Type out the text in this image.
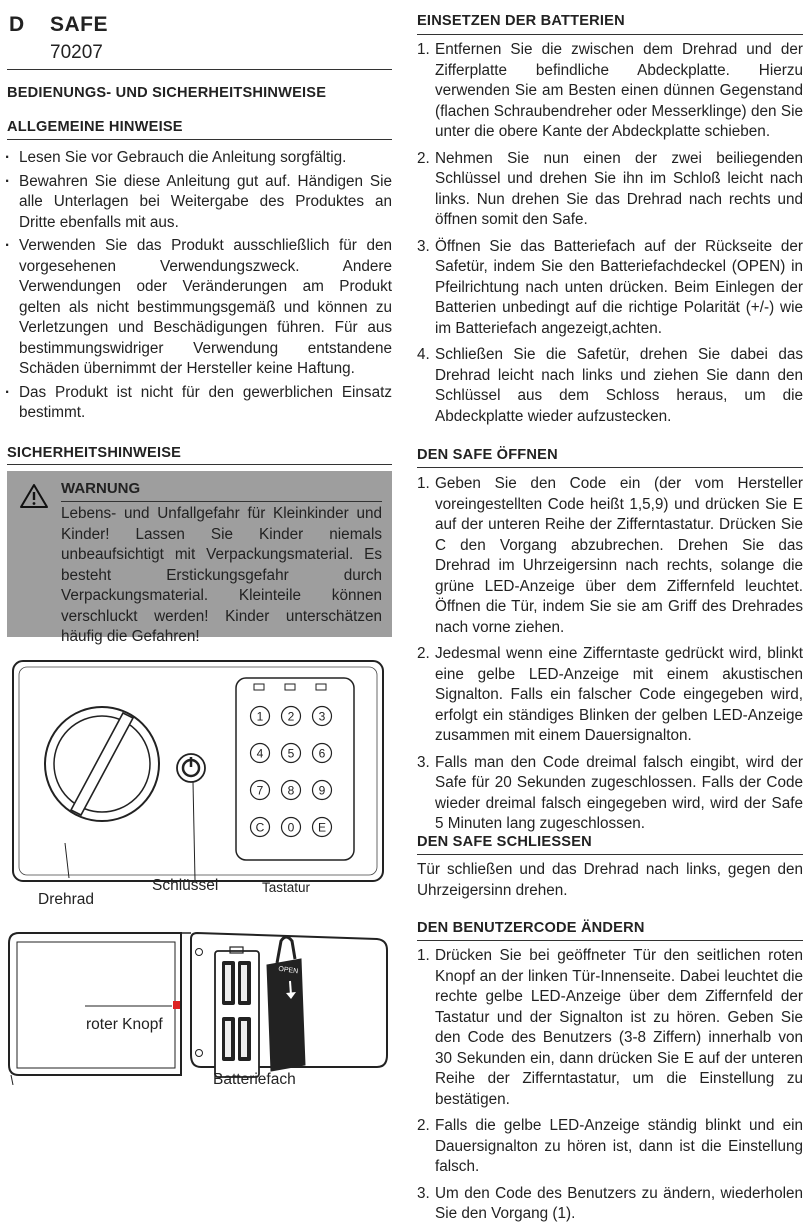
D SAFE
70207
BEDIENUNGS- UND SICHERHEITSHINWEISE
ALLGEMEINE HINWEISE
· Lesen Sie vor Gebrauch die Anleitung sorgfältig.
· Bewahren Sie diese Anleitung gut auf. Händigen Sie alle Unterlagen bei Weitergabe des Produktes an Dritte ebenfalls mit aus.
· Verwenden Sie das Produkt ausschließlich für den vorgesehenen Verwendungszweck. Andere Verwendungen oder Veränderungen am Produkt gelten als nicht bestimmungsgemäß und können zu Verletzungen und Beschädigungen führen. Für aus bestimmungswidriger Verwendung entstandene Schäden übernimmt der Hersteller keine Haftung.
· Das Produkt ist nicht für den gewerblichen Einsatz bestimmt.
SICHERHEITSHINWEISE
WARNUNG
Lebens- und Unfallgefahr für Kleinkinder und Kinder! Lassen Sie Kinder niemals unbeaufsichtigt mit Verpackungsmaterial. Es besteht Erstickungsgefahr durch Verpackungsmaterial. Kleinteile können verschluckt werden! Kinder unterschätzen häufig die Gefahren!
1 2 3
4 5 6
7 8 9
C 0 E
Drehrad
Schlüssel	Tastatur
OPEN
roter Knopf
Batteriefach
EINSETZEN DER BATTERIEN
1. Entfernen Sie die zwischen dem Drehrad und der Zifferplatte befindliche Abdeckplatte. Hierzu verwenden Sie am Besten einen dünnen Gegenstand (flachen Schraubendreher oder Messerklinge) den Sie unter die obere Kante der Abdeckplatte schieben.
2. Nehmen Sie nun einen der zwei beiliegenden Schlüssel und drehen Sie ihn im Schloß leicht nach links. Nun drehen Sie das Drehrad nach rechts und öffnen somit den Safe.
3. Öffnen Sie das Batteriefach auf der Rückseite der Safetür, indem Sie den Batteriefachdeckel (OPEN) in Pfeilrichtung nach unten drücken. Beim Einlegen der Batterien unbedingt auf die richtige Polarität (+/-) wie im Batteriefach angezeigt,achten.
4. Schließen Sie die Safetür, drehen Sie dabei das Drehrad leicht nach links und ziehen Sie dann den Schlüssel aus dem Schloss heraus, um die Abdeckplatte wieder aufzustecken.
DEN SAFE ÖFFNEN
1. Geben Sie den Code ein (der vom Hersteller voreingestellten Code heißt 1,5,9) und drücken Sie E auf der unteren Reihe der Zifferntastatur. Drücken Sie C den Vorgang abzubrechen. Drehen Sie das Drehrad im Uhrzeigersinn nach rechts, solange die grüne LED-Anzeige über dem Ziffernfeld leuchtet. Öffnen die Tür, indem Sie sie am Griff des Drehrades nach vorne ziehen.
2. Jedesmal wenn eine Zifferntaste gedrückt wird, blinkt eine gelbe LED-Anzeige mit einem akustischen Signalton. Falls ein falscher Code eingegeben wird, erfolgt ein ständiges Blinken der gelben LED-Anzeige zusammen mit einem Dauersignalton.
3. Falls man den Code dreimal falsch eingibt, wird der Safe für 20 Sekunden zugeschlossen. Falls der Code wieder dreimal falsch eingegeben wird, wird der Safe 5 Minuten lang zugeschlossen.
DEN SAFE SCHLIESSEN
Tür schließen und das Drehrad nach links, gegen den Uhrzeigersinn drehen.
DEN BENUTZERCODE ÄNDERN
1. Drücken Sie bei geöffneter Tür den seitlichen roten Knopf an der linken Tür-Innenseite. Dabei leuchtet die rechte gelbe LED-Anzeige über dem Ziffernfeld der Tastatur und der Signalton ist zu hören. Geben Sie den Code des Benutzers (3-8 Ziffern) innerhalb von 30 Sekunden ein, dann drücken Sie E auf der unteren Reihe der Zifferntastatur, um die Einstellung zu bestätigen.
2. Falls die gelbe LED-Anzeige ständig blinkt und ein Dauersignalton zu hören ist, dann ist die Einstellung falsch.
3. Um den Code des Benutzers zu ändern, wiederholen Sie den Vorgang (1).
